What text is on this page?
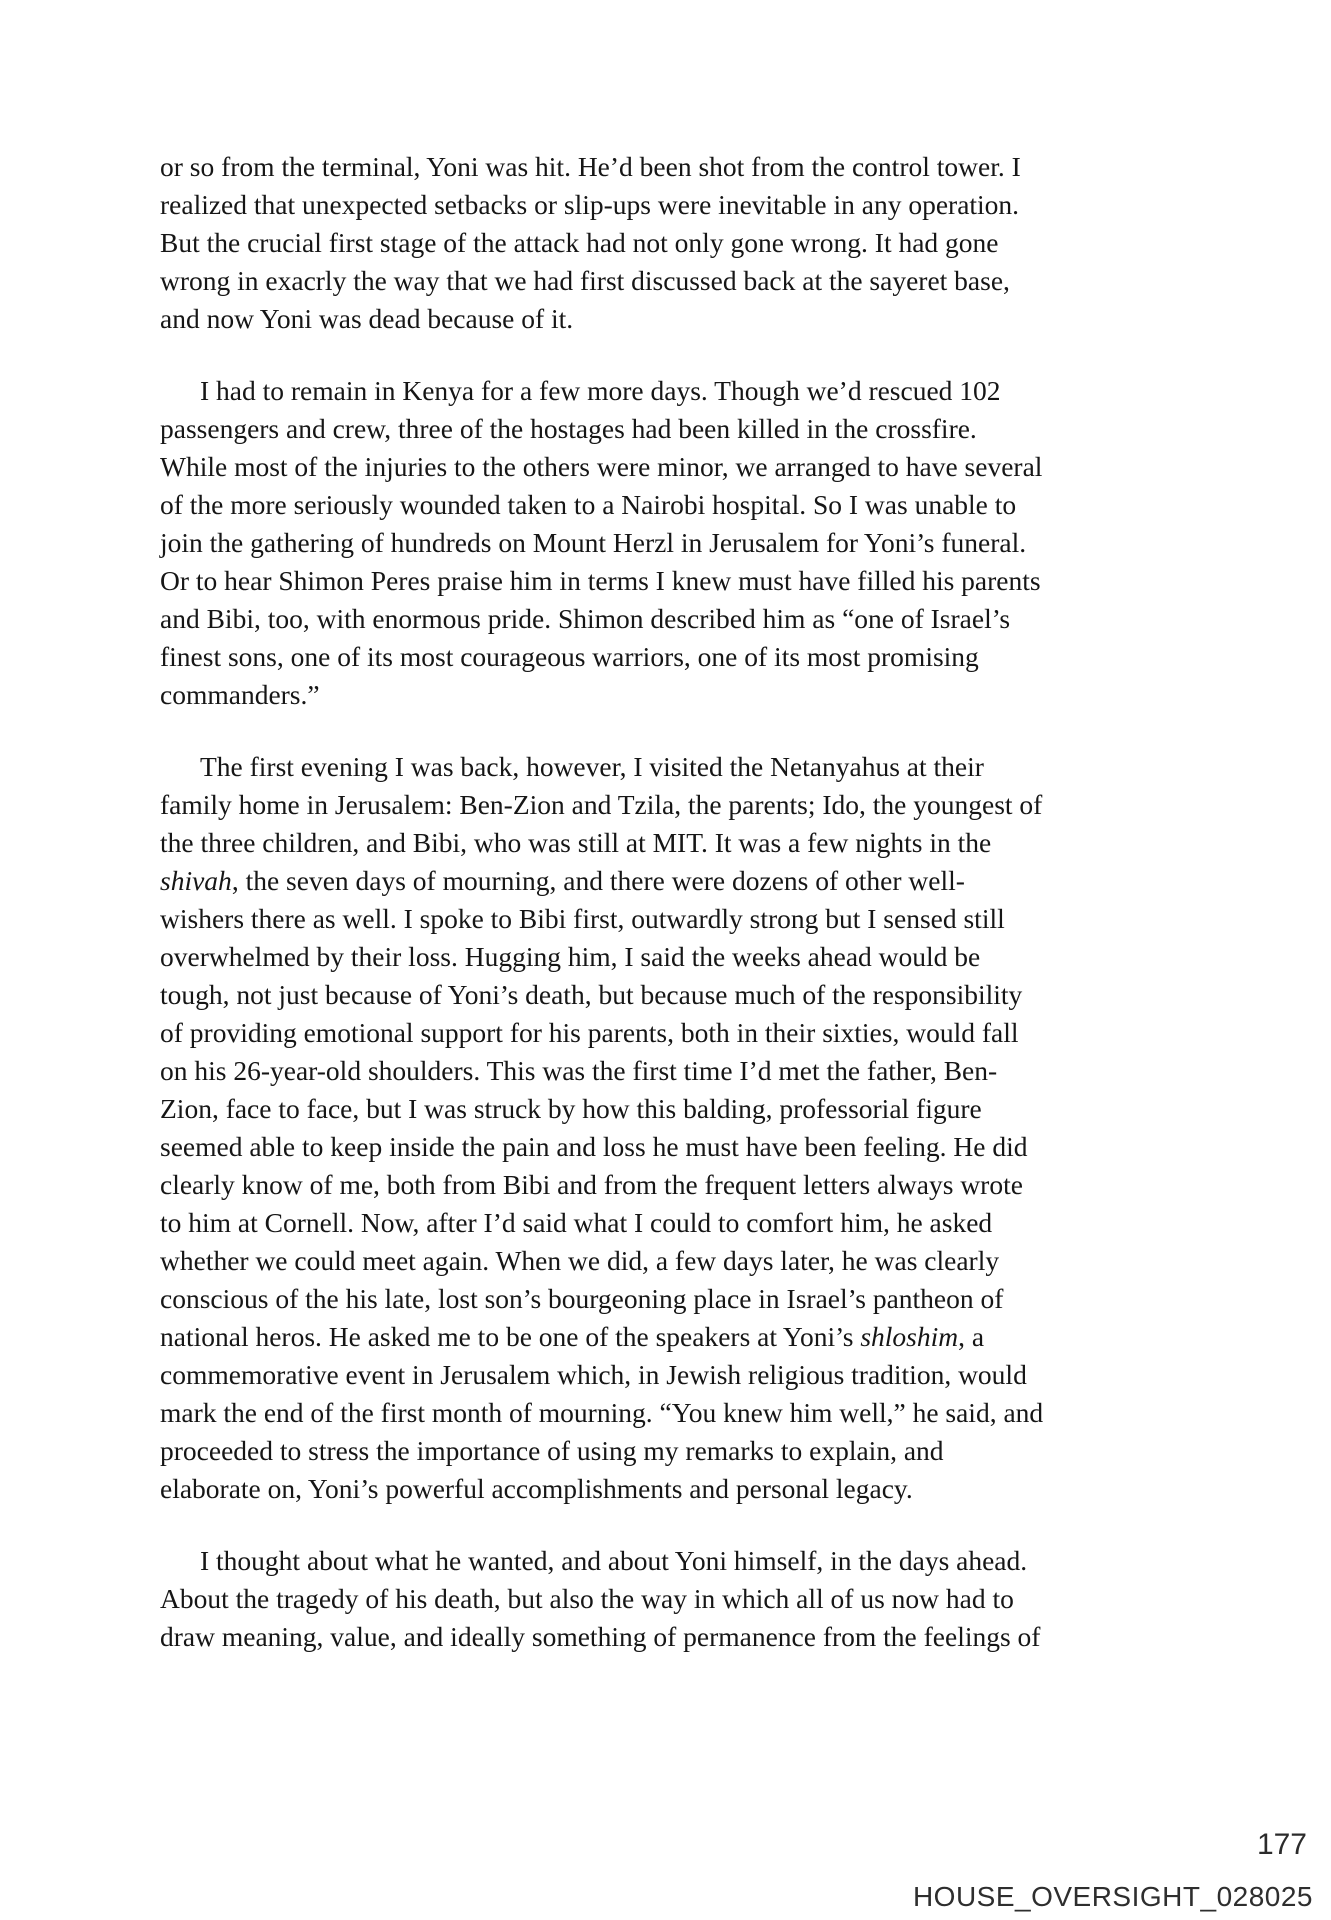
or so from the terminal, Yoni was hit. He’d been shot from the control tower. I
realized that unexpected setbacks or slip-ups were inevitable in any operation.
But the crucial first stage of the attack had not only gone wrong. It had gone
wrong in exacrly the way that we had first discussed back at the sayeret base,
and now Yoni was dead because of it.
I had to remain in Kenya for a few more days. Though we’d rescued 102
passengers and crew, three of the hostages had been killed in the crossfire.
While most of the injuries to the others were minor, we arranged to have several
of the more seriously wounded taken to a Nairobi hospital. So I was unable to
join the gathering of hundreds on Mount Herzl in Jerusalem for Yoni’s funeral.
Or to hear Shimon Peres praise him in terms I knew must have filled his parents
and Bibi, too, with enormous pride. Shimon described him as “one of Israel’s
finest sons, one of its most courageous warriors, one of its most promising
commanders.”
The first evening I was back, however, I visited the Netanyahus at their
family home in Jerusalem: Ben-Zion and Tzila, the parents; Ido, the youngest of
the three children, and Bibi, who was still at MIT. It was a few nights in the
shivah, the seven days of mourning, and there were dozens of other well-
wishers there as well. I spoke to Bibi first, outwardly strong but I sensed still
overwhelmed by their loss. Hugging him, I said the weeks ahead would be
tough, not just because of Yoni’s death, but because much of the responsibility
of providing emotional support for his parents, both in their sixties, would fall
on his 26-year-old shoulders. This was the first time I’d met the father, Ben-
Zion, face to face, but I was struck by how this balding, professorial figure
seemed able to keep inside the pain and loss he must have been feeling. He did
clearly know of me, both from Bibi and from the frequent letters always wrote
to him at Cornell. Now, after I’d said what I could to comfort him, he asked
whether we could meet again. When we did, a few days later, he was clearly
conscious of the his late, lost son’s bourgeoning place in Israel’s pantheon of
national heros. He asked me to be one of the speakers at Yoni’s shloshim, a
commemorative event in Jerusalem which, in Jewish religious tradition, would
mark the end of the first month of mourning. “You knew him well,” he said, and
proceeded to stress the importance of using my remarks to explain, and
elaborate on, Yoni’s powerful accomplishments and personal legacy.
I thought about what he wanted, and about Yoni himself, in the days ahead.
About the tragedy of his death, but also the way in which all of us now had to
draw meaning, value, and ideally something of permanence from the feelings of
177
HOUSE_OVERSIGHT_028025
